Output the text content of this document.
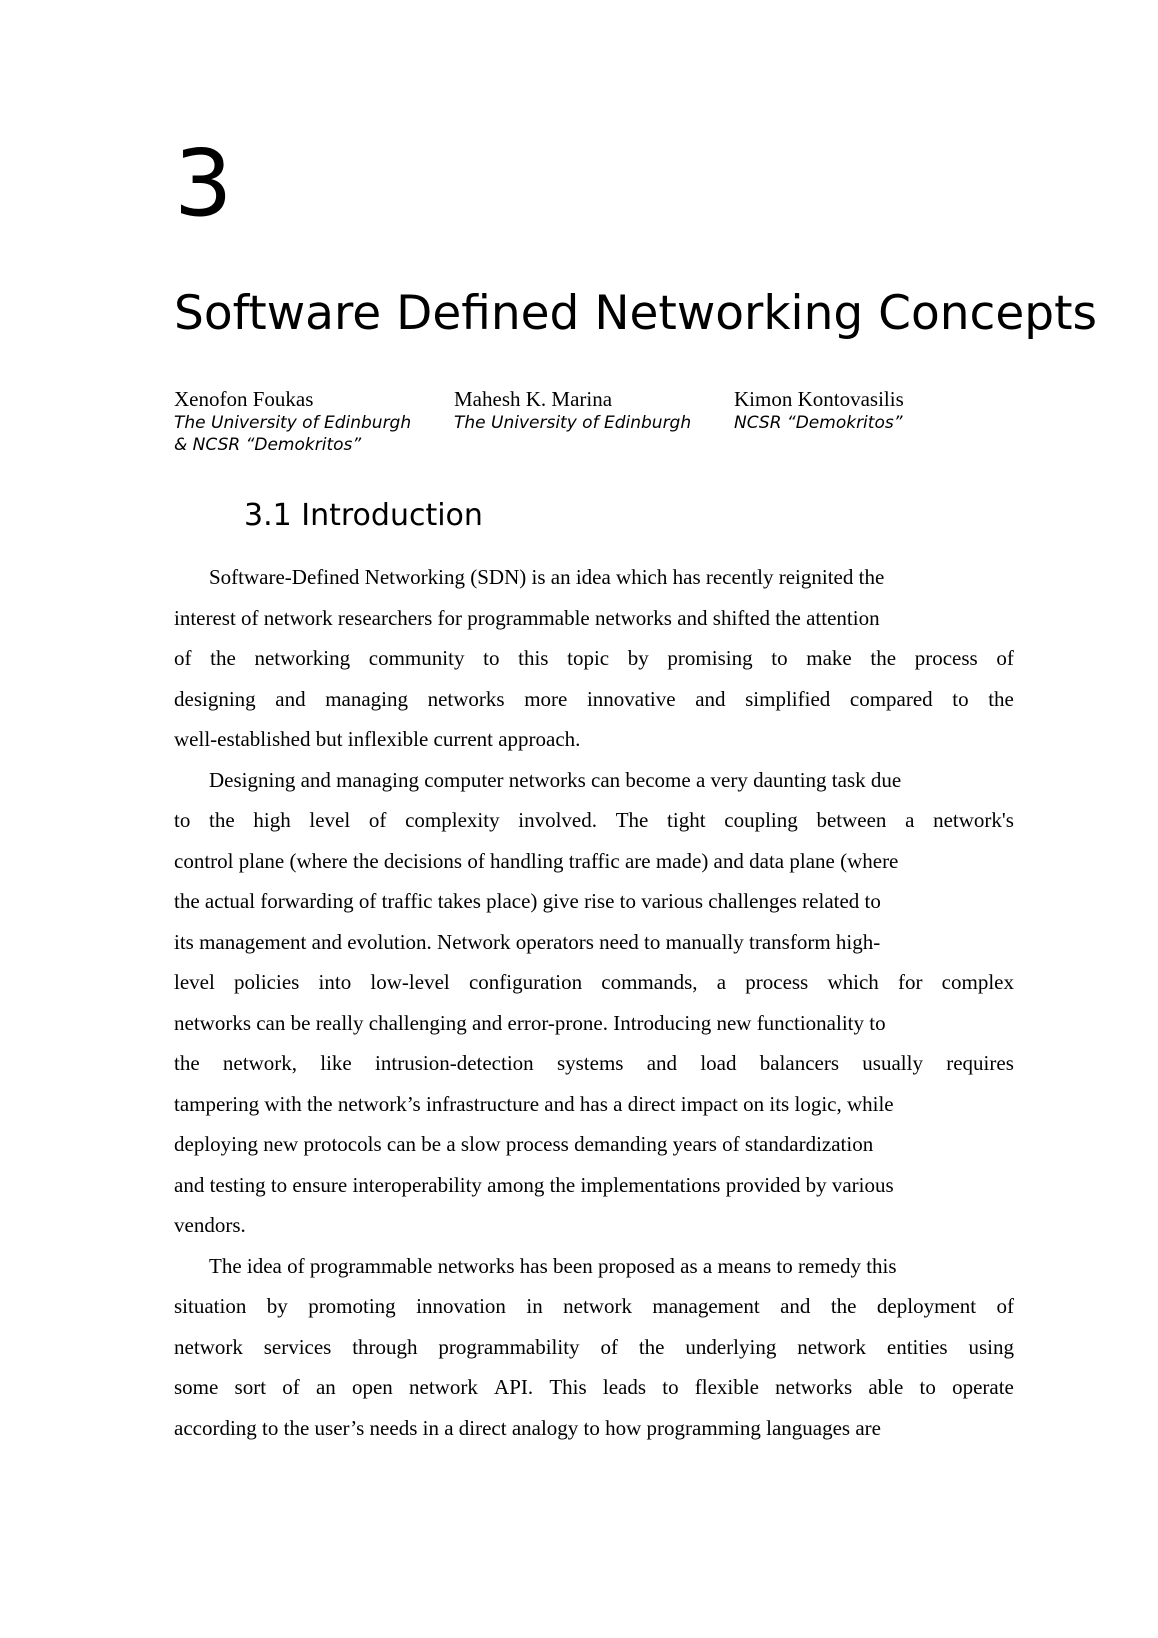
3
Software Defined Networking Concepts
Xenofon Foukas
The University of Edinburgh
& NCSR “Demokritos”
Mahesh K. Marina
The University of Edinburgh
Kimon Kontovasilis
NCSR “Demokritos”
3.1 Introduction
Software-Defined Networking (SDN) is an idea which has recently reignited the
interest of network researchers for programmable networks and shifted the attention
of the networking community to this topic by promising to make the process of
designing and managing networks more innovative and simplified compared to the
well-established but inflexible current approach.
Designing and managing computer networks can become a very daunting task due
to the high level of complexity involved. The tight coupling between a network's
control plane (where the decisions of handling traffic are made) and data plane (where
the actual forwarding of traffic takes place) give rise to various challenges related to
its management and evolution. Network operators need to manually transform high-
level policies into low-level configuration commands, a process which for complex
networks can be really challenging and error-prone. Introducing new functionality to
the network, like intrusion-detection systems and load balancers usually requires
tampering with the network’s infrastructure and has a direct impact on its logic, while
deploying new protocols can be a slow process demanding years of standardization
and testing to ensure interoperability among the implementations provided by various
vendors.
The idea of programmable networks has been proposed as a means to remedy this
situation by promoting innovation in network management and the deployment of
network services through programmability of the underlying network entities using
some sort of an open network API. This leads to flexible networks able to operate
according to the user’s needs in a direct analogy to how programming languages are
